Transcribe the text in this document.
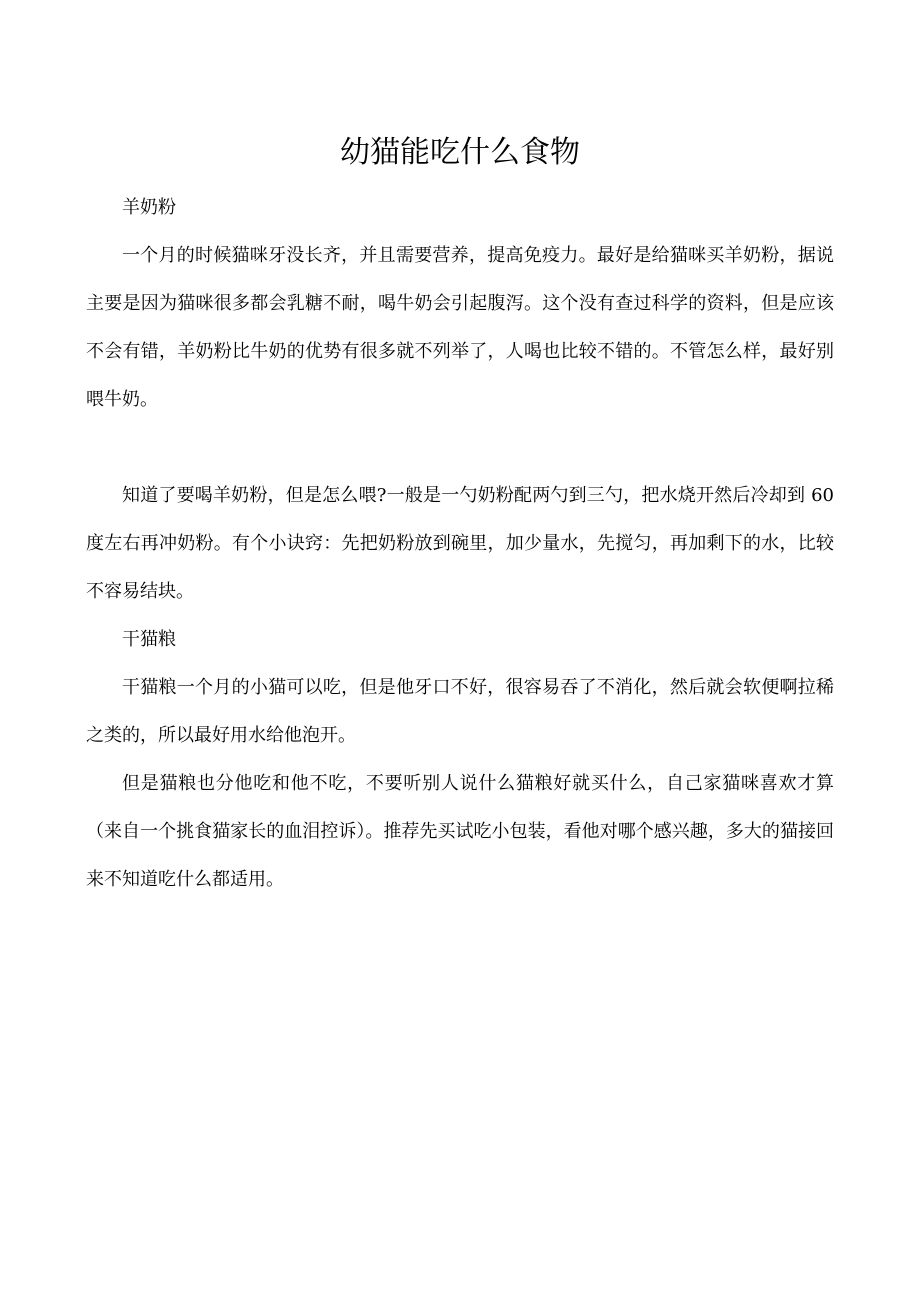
幼猫能吃什么食物

羊奶粉

一个月的时候猫咪牙没长齐，并且需要营养，提高免疫力。最好是给猫咪买羊奶粉，据说主要是因为猫咪很多都会乳糖不耐，喝牛奶会引起腹泻。这个没有查过科学的资料，但是应该不会有错，羊奶粉比牛奶的优势有很多就不列举了，人喝也比较不错的。不管怎么样，最好别喂牛奶。

知道了要喝羊奶粉，但是怎么喂?一般是一勺奶粉配两勺到三勺，把水烧开然后冷却到 60 度左右再冲奶粉。有个小诀窍：先把奶粉放到碗里，加少量水，先搅匀，再加剩下的水，比较不容易结块。

干猫粮

干猫粮一个月的小猫可以吃，但是他牙口不好，很容易吞了不消化，然后就会软便啊拉稀之类的，所以最好用水给他泡开。

但是猫粮也分他吃和他不吃，不要听别人说什么猫粮好就买什么，自己家猫咪喜欢才算（来自一个挑食猫家长的血泪控诉）。推荐先买试吃小包装，看他对哪个感兴趣，多大的猫接回来不知道吃什么都适用。
